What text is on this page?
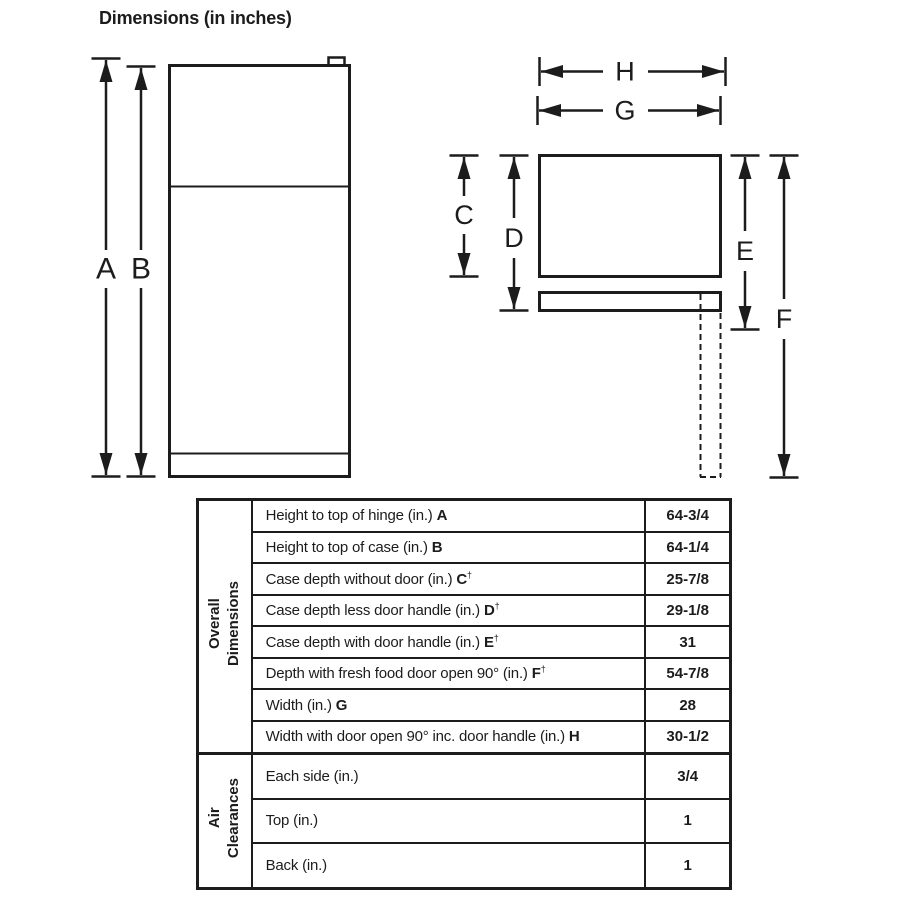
Dimensions (in inches)
A B
H
G
C
D	E
F
Overall Dimensions	Height to top of hinge (in.) A	64-3/4
	Height to top of case (in.) B	64-1/4
	Case depth without door (in.) C†	25-7/8
	Case depth less door handle (in.) D†	29-1/8
	Case depth with door handle (in.) E†	31
	Depth with fresh food door open 90° (in.) F†	54-7/8
	Width (in.) G	28
	Width with door open 90° inc. door handle (in.) H	30-1/2

Air Clearances	Each side (in.)	3/4
	Top (in.)	1
	Back (in.)	1
